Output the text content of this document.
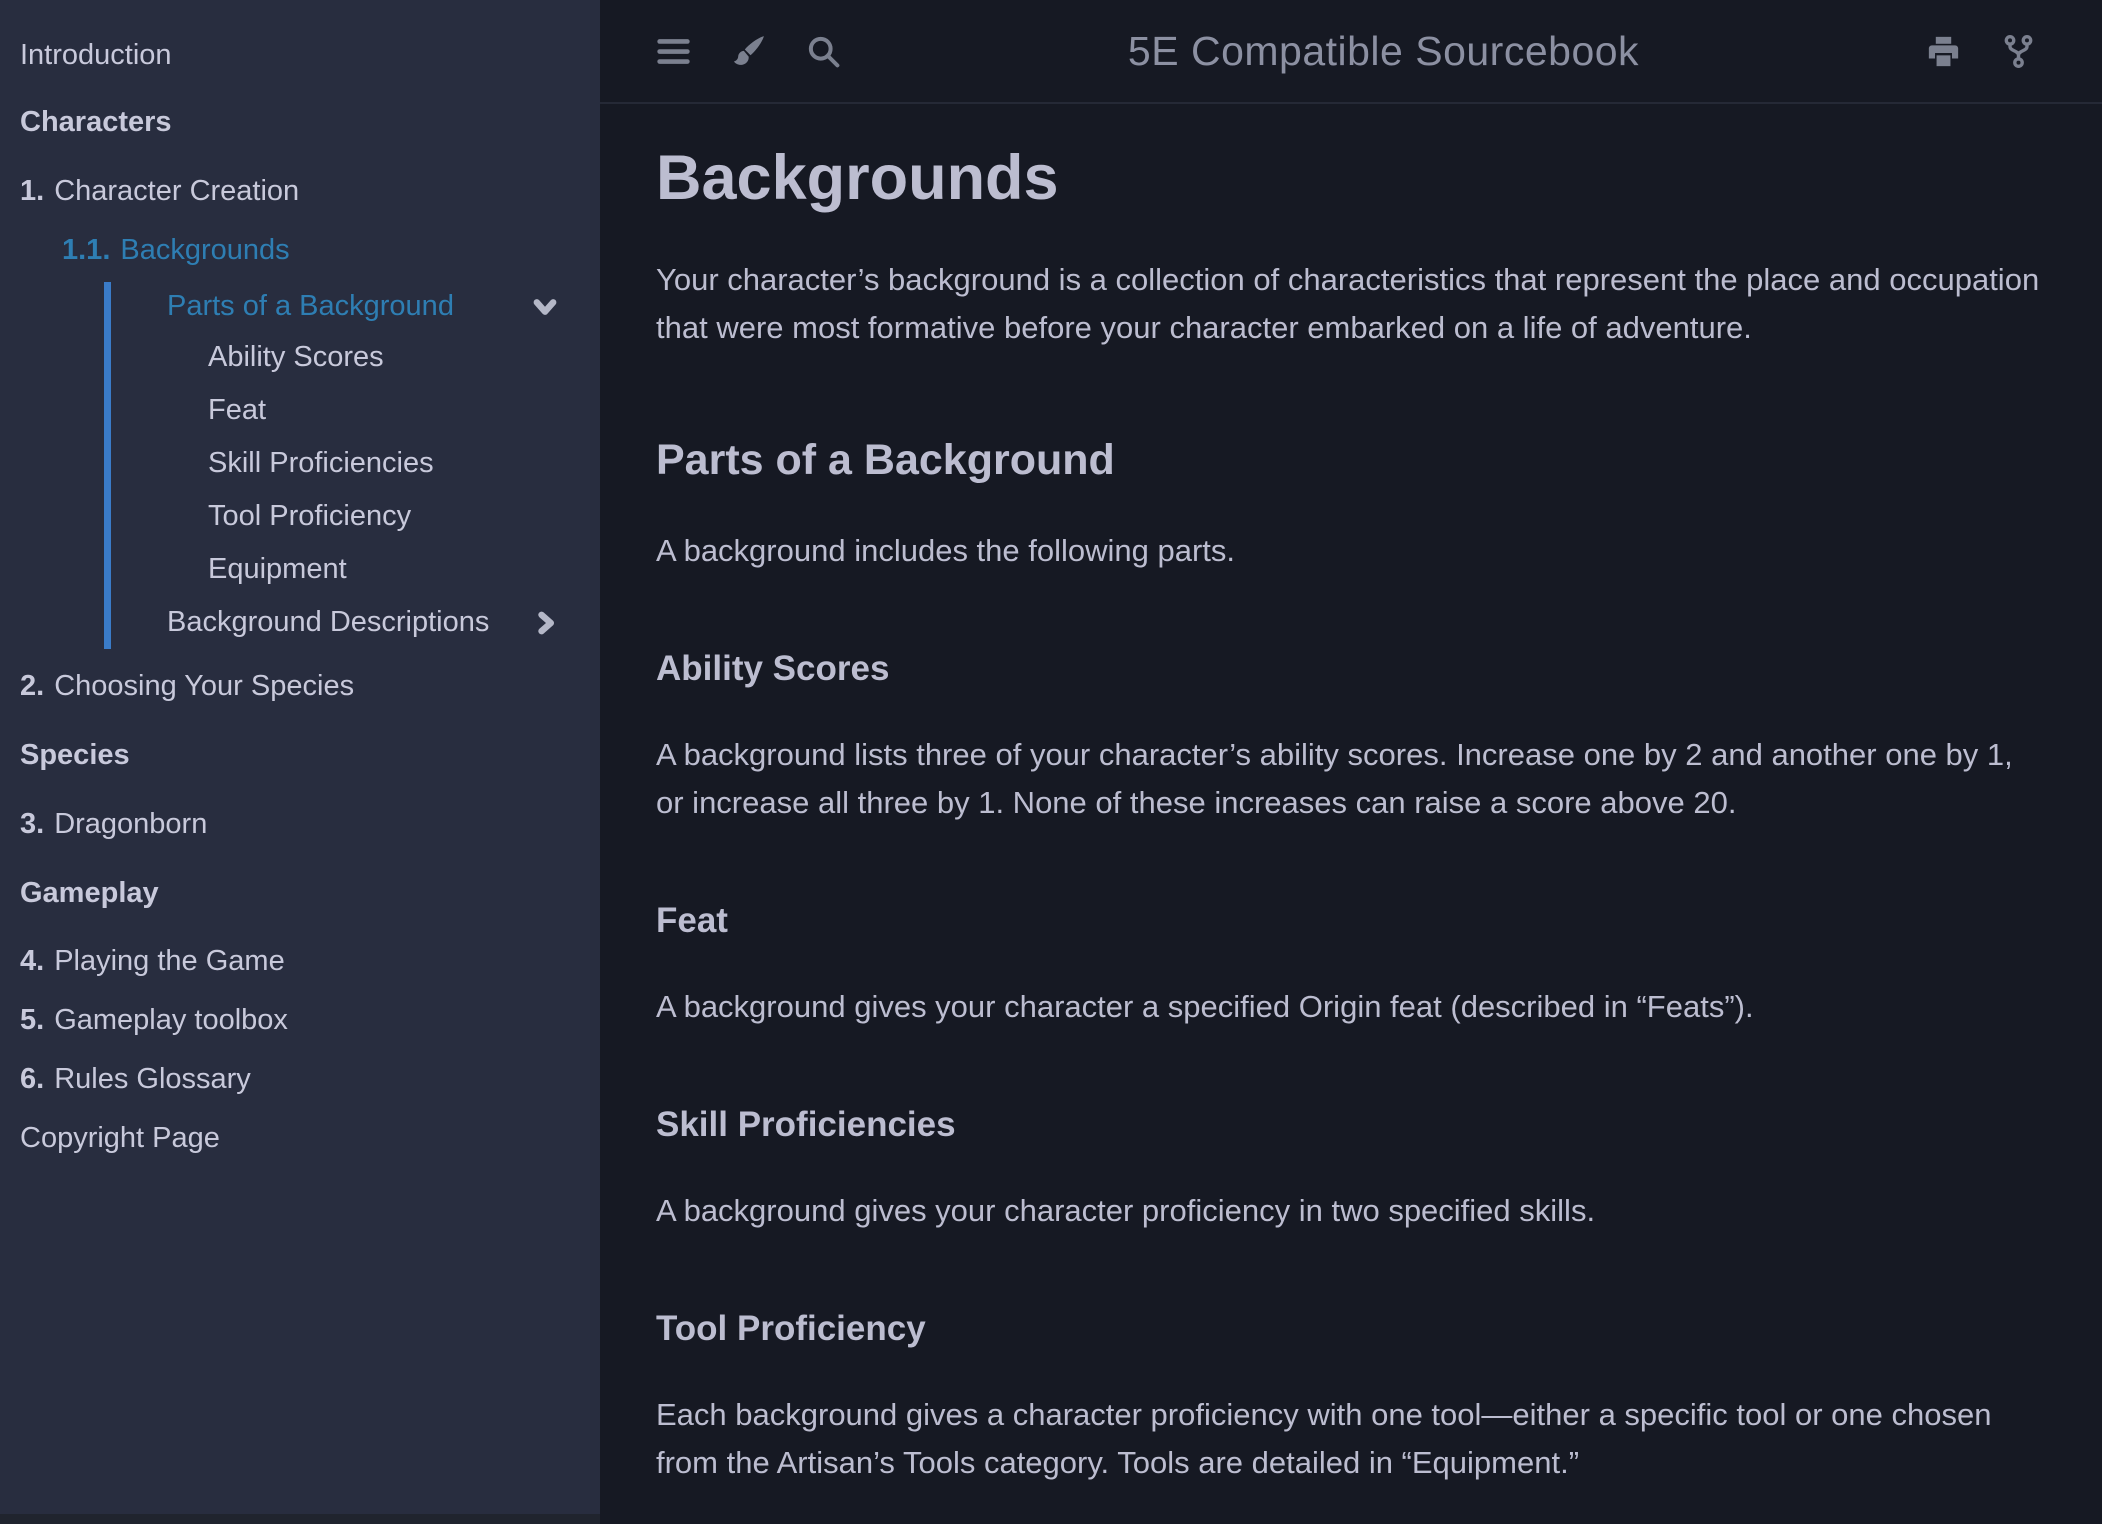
Introduction
Characters
1. Character Creation
1.1. Backgrounds
Parts of a Background
Ability Scores
Feat
Skill Proficiencies
Tool Proficiency
Equipment
Background Descriptions
2. Choosing Your Species
Species
3. Dragonborn
Gameplay
4. Playing the Game
5. Gameplay toolbox
6. Rules Glossary
Copyright Page
5E Compatible Sourcebook
Backgrounds

Your character’s background is a collection of characteristics that represent the place and occupation that were most formative before your character embarked on a life of adventure.

Parts of a Background

A background includes the following parts.

Ability Scores

A background lists three of your character’s ability scores. Increase one by 2 and another one by 1, or increase all three by 1. None of these increases can raise a score above 20.

Feat

A background gives your character a specified Origin feat (described in “Feats”).

Skill Proficiencies

A background gives your character proficiency in two specified skills.

Tool Proficiency

Each background gives a character proficiency with one tool—either a specific tool or one chosen from the Artisan’s Tools category. Tools are detailed in “Equipment.”
